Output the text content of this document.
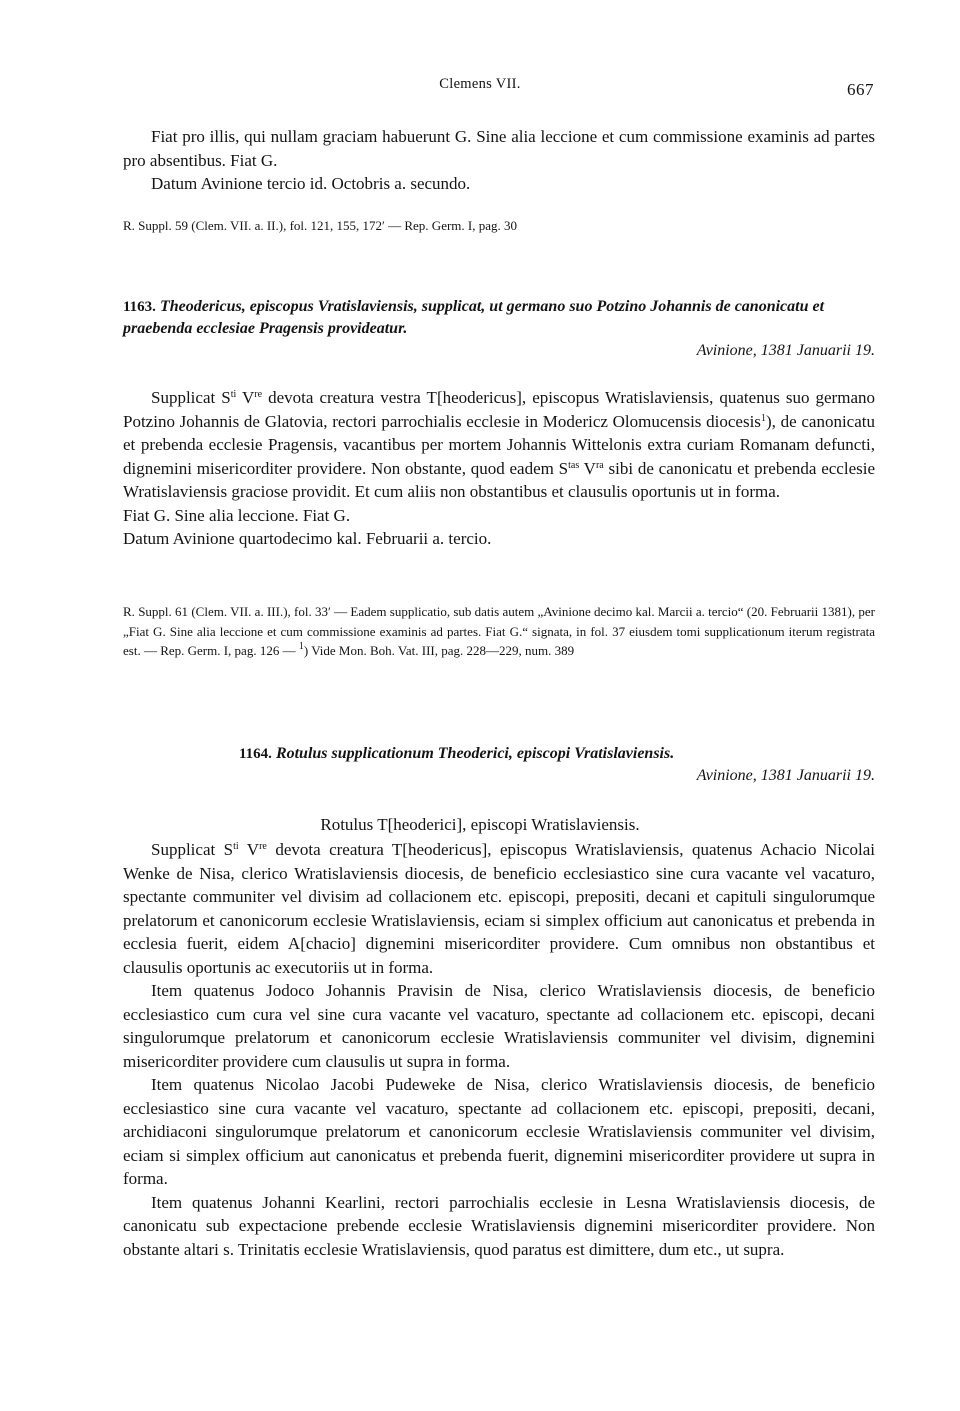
Clemens VII.	667

Fiat pro illis, qui nullam graciam habuerunt G. Sine alia leccione et cum commissione examinis ad partes pro absentibus. Fiat G.

Datum Avinione tercio id. Octobris a. secundo.

R. Suppl. 59 (Clem. VII. a. II.), fol. 121, 155, 172′ — Rep. Germ. I, pag. 30
1163. Theodericus, episcopus Vratislaviensis, supplicat, ut germano suo Potzino Johannis de canonicatu et praebenda ecclesiae Pragensis provideatur.
Avinione, 1381 Januarii 19.

Supplicat $S^{ti}$ Vre devota creatura vestra T[heodericus], episcopus Wratislaviensis, quatenus suo germano Potzino Johannis de Glatovia, rectori parrochialis ecclesie in Modericz Olomucensis diocesis$^1$), de canonicatu et prebenda ecclesie Pragensis, vacantibus per mortem Johannis Wittelonis extra curiam Romanam defuncti, dignemini misericorditer providere. Non obstante, quod eadem $S^{tas}$ $V^{ra}$ sibi de canonicatu et prebenda ecclesie Wratislaviensis graciose providit. Et cum aliis non obstantibus et clausulis oportunis ut in forma.

Fiat G. Sine alia leccione. Fiat G.

Datum Avinione quartodecimo kal. Februarii a. tercio.

R. Suppl. 61 (Clem. VII. a. III.), fol. 33′ — Eadem supplicatio, sub datis autem „Avinione decimo kal. Marcii a. tercio“ (20. Februarii 1381), per „Fiat G. Sine alia leccione et cum commissione examinis ad partes. Fiat G.“ signata, in fol. 37 eiusdem tomi supplicationum iterum registrata est. — Rep. Germ. I, pag. 126 — $^1$) Vide Mon. Boh. Vat. III, pag. 228—229, num. 389
1164. Rotulus supplicationum Theoderici, episcopi Vratislaviensis.
Avinione, 1381 Januarii 19.
Rotulus T[heoderici], episcopi Wratislaviensis.

Supplicat $S^{ti}$ Vre devota creatura T[heodericus], episcopus Wratislaviensis, quatenus Achacio Nicolai Wenke de Nisa, clerico Wratislaviensis diocesis, de beneficio ecclesiastico sine cura vacante vel vacaturo, spectante communiter vel divisim ad collacionem etc. episcopi, prepositi, decani et capituli singulorumque prelatorum et canonicorum ecclesie Wratislaviensis, eciam si simplex officium aut canonicatus et prebenda in ecclesia fuerit, eidem A[chacio] dignemini misericorditer providere. Cum omnibus non obstantibus et clausulis oportunis ac executoriis ut in forma.

Item quatenus Jodoco Johannis Pravisin de Nisa, clerico Wratislaviensis diocesis, de beneficio ecclesiastico cum cura vel sine cura vacante vel vacaturo, spectante ad collacionem etc. episcopi, decani singulorumque prelatorum et canonicorum ecclesie Wratislaviensis communiter vel divisim, dignemini misericorditer providere cum clausulis ut supra in forma.

Item quatenus Nicolao Jacobi Pudeweke de Nisa, clerico Wratislaviensis diocesis, de beneficio ecclesiastico sine cura vacante vel vacaturo, spectante ad collacionem etc. episcopi, prepositi, decani, archidiaconi singulorumque prelatorum et canonicorum ecclesie Wratislaviensis communiter vel divisim, eciam si simplex officium aut canonicatus et prebenda fuerit, dignemini misericorditer providere ut supra in forma.

Item quatenus Johanni Kearlini, rectori parrochialis ecclesie in Lesna Wratislaviensis diocesis, de canonicatu sub expectacione prebende ecclesie Wratislaviensis dignemini misericorditer providere. Non obstante altari s. Trinitatis ecclesie Wratislaviensis, quod paratus est dimittere, dum etc., ut supra.
